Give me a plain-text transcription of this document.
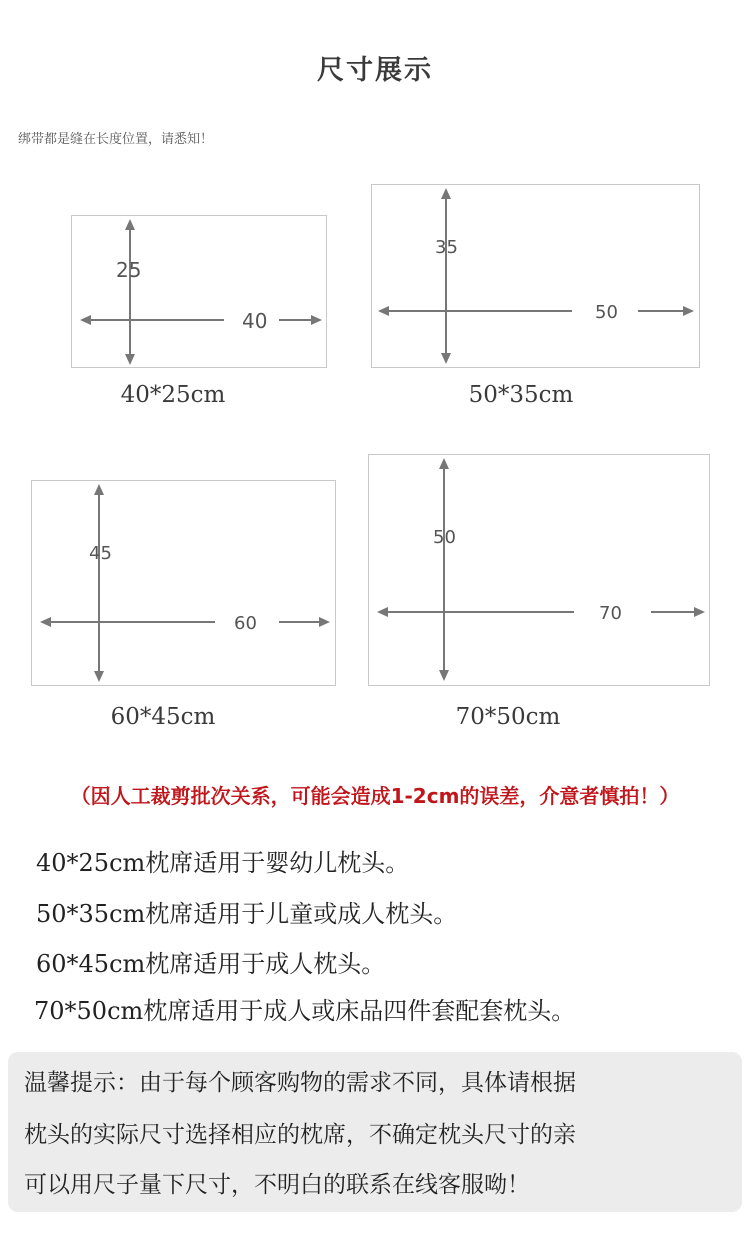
尺寸展示
绑带都是缝在长度位置，请悉知！
25
40
40*25cm
35
50
50*35cm
45
60
60*45cm
50
70
70*50cm
（因人工裁剪批次关系，可能会造成1-2cm的误差，介意者慎拍！）
40*25cm枕席适用于婴幼儿枕头。
50*35cm枕席适用于儿童或成人枕头。
60*45cm枕席适用于成人枕头。
70*50cm枕席适用于成人或床品四件套配套枕头。
温馨提示：由于每个顾客购物的需求不同，具体请根据
枕头的实际尺寸选择相应的枕席，不确定枕头尺寸的亲
可以用尺子量下尺寸，不明白的联系在线客服呦！
